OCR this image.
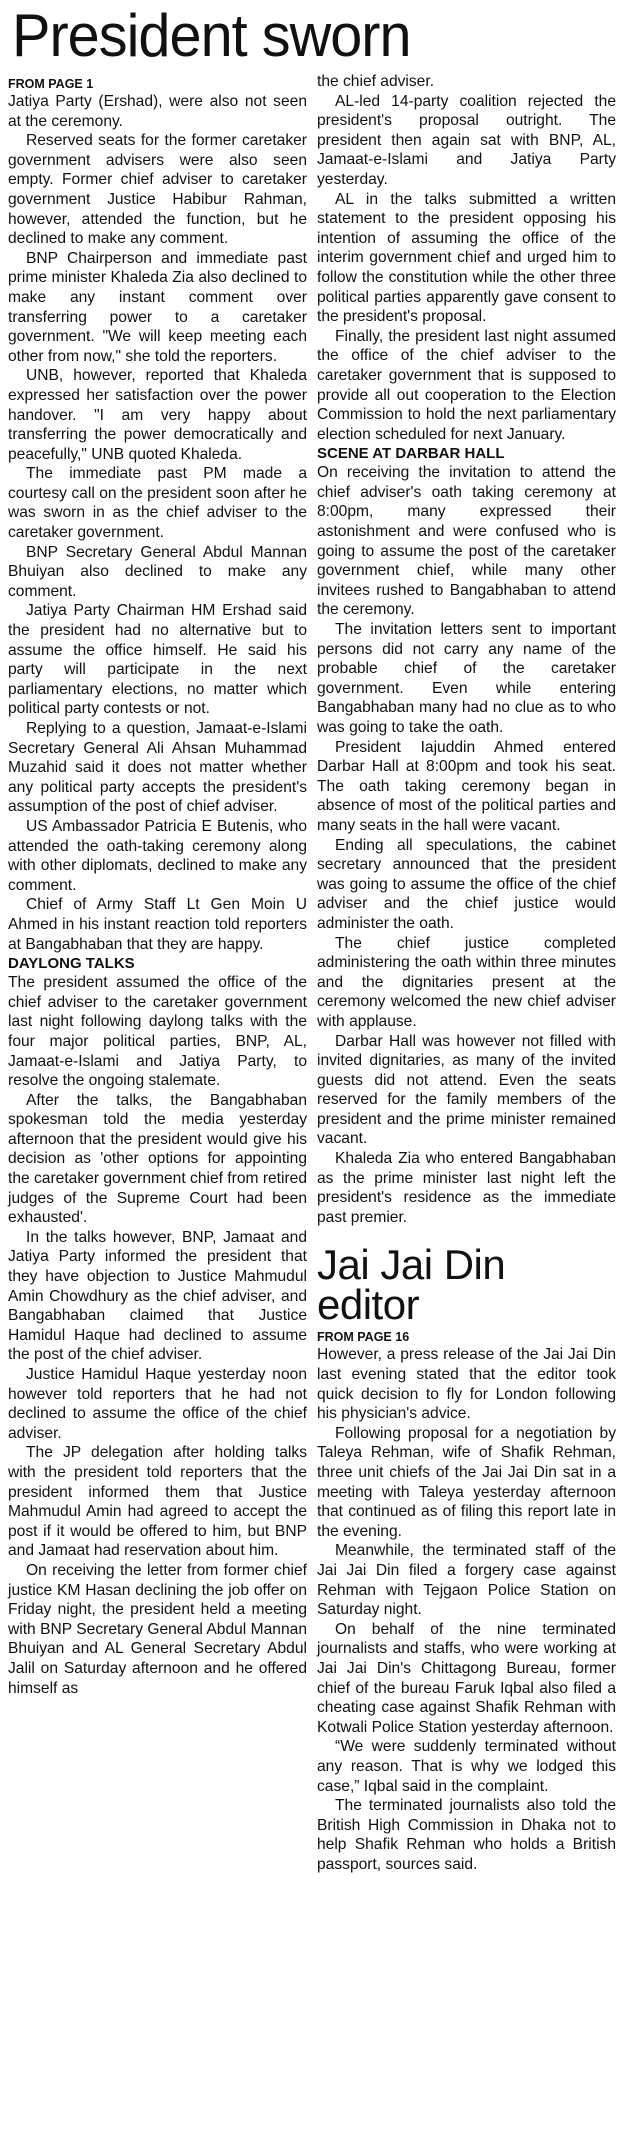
President sworn
FROM PAGE 1

Jatiya Party (Ershad), were also not seen at the ceremony.

Reserved seats for the former caretaker government advisers were also seen empty. Former chief adviser to caretaker government Justice Habibur Rahman, however, attended the function, but he declined to make any comment.

BNP Chairperson and immediate past prime minister Khaleda Zia also declined to make any instant comment over transferring power to a caretaker government. "We will keep meeting each other from now," she told the reporters.

UNB, however, reported that Khaleda expressed her satisfaction over the power handover. "I am very happy about transferring the power democratically and peacefully," UNB quoted Khaleda.

The immediate past PM made a courtesy call on the president soon after he was sworn in as the chief adviser to the caretaker government.

BNP Secretary General Abdul Mannan Bhuiyan also declined to make any comment.

Jatiya Party Chairman HM Ershad said the president had no alternative but to assume the office himself. He said his party will participate in the next parliamentary elections, no matter which political party contests or not.

Replying to a question, Jamaat-e-Islami Secretary General Ali Ahsan Muhammad Muzahid said it does not matter whether any political party accepts the president's assumption of the post of chief adviser.

US Ambassador Patricia E Butenis, who attended the oath-taking ceremony along with other diplomats, declined to make any comment.

Chief of Army Staff Lt Gen Moin U Ahmed in his instant reaction told reporters at Bangabhaban that they are happy.

DAYLONG TALKS

The president assumed the office of the chief adviser to the caretaker government last night following daylong talks with the four major political parties, BNP, AL, Jamaat-e-Islami and Jatiya Party, to resolve the ongoing stalemate.

After the talks, the Bangabhaban spokesman told the media yesterday afternoon that the president would give his decision as 'other options for appointing the caretaker government chief from retired judges of the Supreme Court had been exhausted'.

In the talks however, BNP, Jamaat and Jatiya Party informed the president that they have objection to Justice Mahmudul Amin Chowdhury as the chief adviser, and Bangabhaban claimed that Justice Hamidul Haque had declined to assume the post of the chief adviser.

Justice Hamidul Haque yesterday noon however told reporters that he had not declined to assume the office of the chief adviser.

The JP delegation after holding talks with the president told reporters that the president informed them that Justice Mahmudul Amin had agreed to accept the post if it would be offered to him, but BNP and Jamaat had reservation about him.

On receiving the letter from former chief justice KM Hasan declining the job offer on Friday night, the president held a meeting with BNP Secretary General Abdul Mannan Bhuiyan and AL General Secretary Abdul Jalil on Saturday afternoon and he offered himself as

the chief adviser.

AL-led 14-party coalition rejected the president's proposal outright. The president then again sat with BNP, AL, Jamaat-e-Islami and Jatiya Party yesterday.

AL in the talks submitted a written statement to the president opposing his intention of assuming the office of the interim government chief and urged him to follow the constitution while the other three political parties apparently gave consent to the president's proposal.

Finally, the president last night assumed the office of the chief adviser to the caretaker government that is supposed to provide all out cooperation to the Election Commission to hold the next parliamentary election scheduled for next January.

SCENE AT DARBAR HALL

On receiving the invitation to attend the chief adviser's oath taking ceremony at 8:00pm, many expressed their astonishment and were confused who is going to assume the post of the caretaker government chief, while many other invitees rushed to Bangabhaban to attend the ceremony.

The invitation letters sent to important persons did not carry any name of the probable chief of the caretaker government. Even while entering Bangabhaban many had no clue as to who was going to take the oath.

President Iajuddin Ahmed entered Darbar Hall at 8:00pm and took his seat. The oath taking ceremony began in absence of most of the political parties and many seats in the hall were vacant.

Ending all speculations, the cabinet secretary announced that the president was going to assume the office of the chief adviser and the chief justice would administer the oath.

The chief justice completed administering the oath within three minutes and the dignitaries present at the ceremony welcomed the new chief adviser with applause.

Darbar Hall was however not filled with invited dignitaries, as many of the invited guests did not attend. Even the seats reserved for the family members of the president and the prime minister remained vacant.

Khaleda Zia who entered Bangabhaban as the prime minister last night left the president's residence as the immediate past premier.

Jai Jai Din editor
FROM PAGE 16

However, a press release of the Jai Jai Din last evening stated that the editor took quick decision to fly for London following his physician's advice.

Following proposal for a negotiation by Taleya Rehman, wife of Shafik Rehman, three unit chiefs of the Jai Jai Din sat in a meeting with Taleya yesterday afternoon that continued as of filing this report late in the evening.

Meanwhile, the terminated staff of the Jai Jai Din filed a forgery case against Rehman with Tejgaon Police Station on Saturday night.

On behalf of the nine terminated journalists and staffs, who were working at Jai Jai Din's Chittagong Bureau, former chief of the bureau Faruk Iqbal also filed a cheating case against Shafik Rehman with Kotwali Police Station yesterday afternoon.

“We were suddenly terminated without any reason. That is why we lodged this case,” Iqbal said in the complaint.

The terminated journalists also told the British High Commission in Dhaka not to help Shafik Rehman who holds a British passport, sources said.
